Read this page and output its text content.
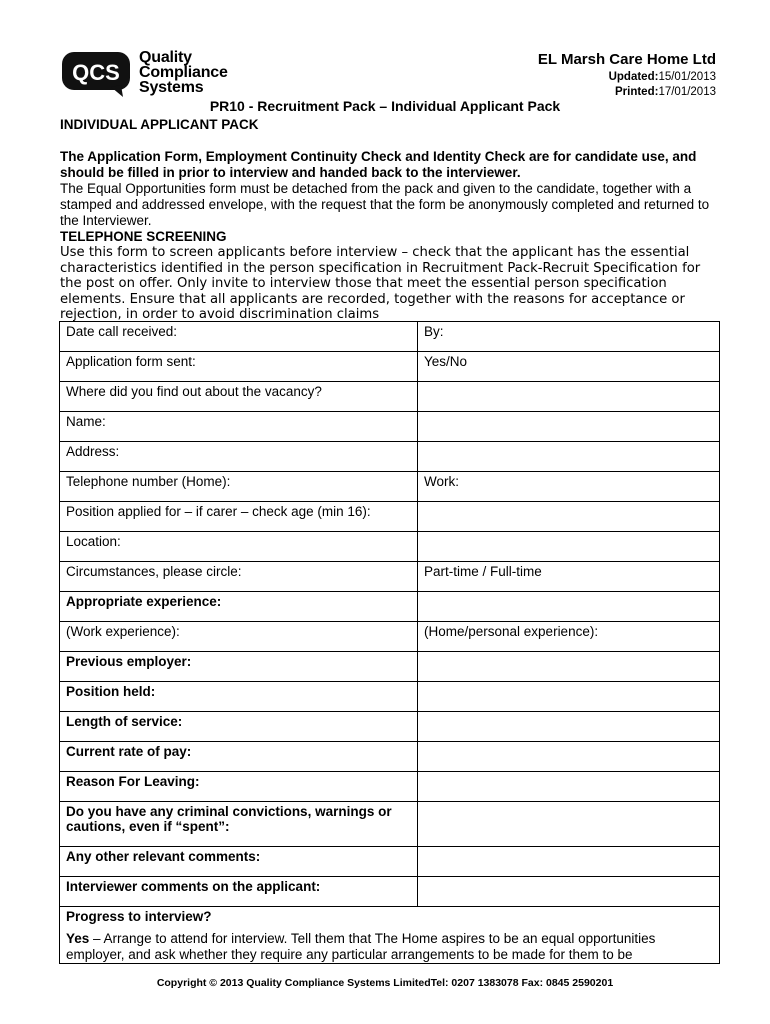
QCS
Quality
Compliance
Systems
EL Marsh Care Home Ltd
Updated:15/01/2013
Printed:17/01/2013
PR10 - Recruitment Pack – Individual Applicant Pack
INDIVIDUAL APPLICANT PACK
The Application Form, Employment Continuity Check and Identity Check are for candidate use, and should be filled in prior to interview and handed back to the interviewer.
The Equal Opportunities form must be detached from the pack and given to the candidate, together with a stamped and addressed envelope, with the request that the form be anonymously completed and returned to the Interviewer.
TELEPHONE SCREENING
Use this form to screen applicants before interview – check that the applicant has the essential characteristics identified in the person specification in Recruitment Pack-Recruit Specification for the post on offer. Only invite to interview those that meet the essential person specification elements. Ensure that all applicants are recorded, together with the reasons for acceptance or rejection, in order to avoid discrimination claims
Date call received:	By:
Application form sent:	Yes/No
Where did you find out about the vacancy?	
Name:	
Address:	
Telephone number (Home):	Work:
Position applied for – if carer – check age (min 16):	
Location:	
Circumstances, please circle:	Part-time / Full-time
Appropriate experience:	
(Work experience):	(Home/personal experience):
Previous employer:	
Position held:	
Length of service:	
Current rate of pay:	
Reason For Leaving:	
Do you have any criminal convictions, warnings or cautions, even if “spent”:	
Any other relevant comments:	
Interviewer comments on the applicant:	

Progress to interview?
Yes – Arrange to attend for interview. Tell them that The Home aspires to be an equal opportunities employer, and ask whether they require any particular arrangements to be made for them to be	
Copyright © 2013 Quality Compliance Systems LimitedTel: 0207 1383078 Fax: 0845 2590201
